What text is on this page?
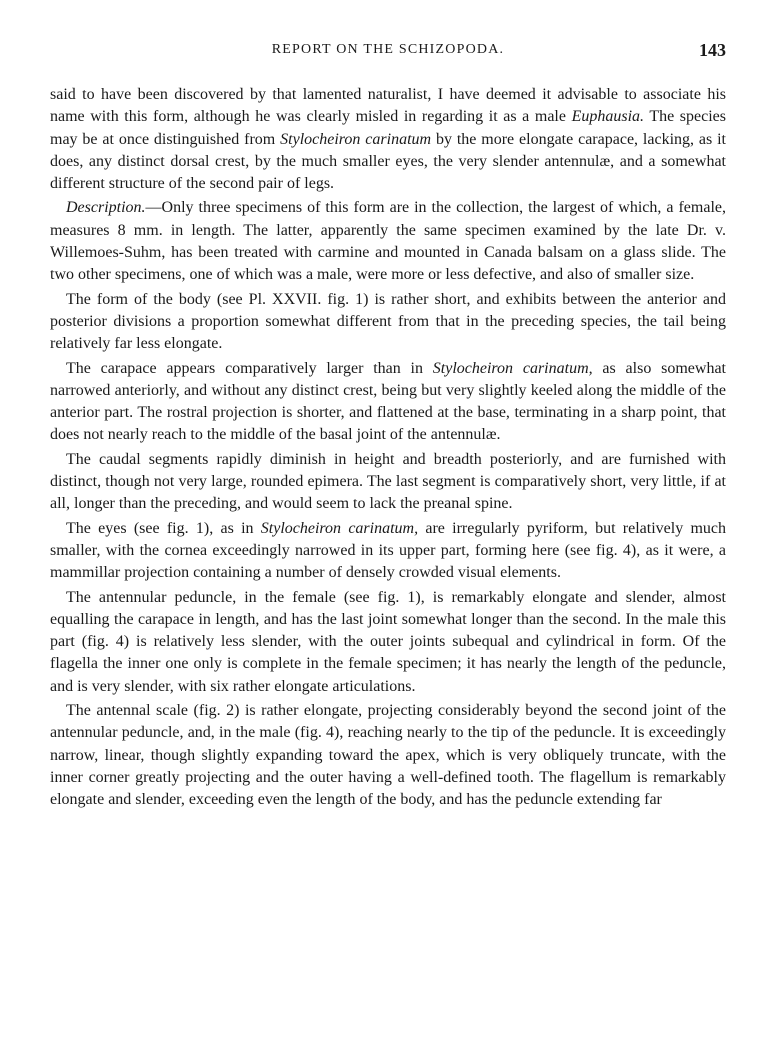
REPORT ON THE SCHIZOPODA.	143

said to have been discovered by that lamented naturalist, I have deemed it advisable to associate his name with this form, although he was clearly misled in regarding it as a male Euphausia. The species may be at once distinguished from Stylocheiron carinatum by the more elongate carapace, lacking, as it does, any distinct dorsal crest, by the much smaller eyes, the very slender antennulæ, and a somewhat different structure of the second pair of legs.

Description.—Only three specimens of this form are in the collection, the largest of which, a female, measures 8 mm. in length. The latter, apparently the same specimen examined by the late Dr. v. Willemoes-Suhm, has been treated with carmine and mounted in Canada balsam on a glass slide. The two other specimens, one of which was a male, were more or less defective, and also of smaller size.

The form of the body (see Pl. XXVII. fig. 1) is rather short, and exhibits between the anterior and posterior divisions a proportion somewhat different from that in the preceding species, the tail being relatively far less elongate.

The carapace appears comparatively larger than in Stylocheiron carinatum, as also somewhat narrowed anteriorly, and without any distinct crest, being but very slightly keeled along the middle of the anterior part. The rostral projection is shorter, and flattened at the base, terminating in a sharp point, that does not nearly reach to the middle of the basal joint of the antennulæ.

The caudal segments rapidly diminish in height and breadth posteriorly, and are furnished with distinct, though not very large, rounded epimera. The last segment is comparatively short, very little, if at all, longer than the preceding, and would seem to lack the preanal spine.

The eyes (see fig. 1), as in Stylocheiron carinatum, are irregularly pyriform, but relatively much smaller, with the cornea exceedingly narrowed in its upper part, forming here (see fig. 4), as it were, a mammillar projection containing a number of densely crowded visual elements.

The antennular peduncle, in the female (see fig. 1), is remarkably elongate and slender, almost equalling the carapace in length, and has the last joint somewhat longer than the second. In the male this part (fig. 4) is relatively less slender, with the outer joints subequal and cylindrical in form. Of the flagella the inner one only is complete in the female specimen; it has nearly the length of the peduncle, and is very slender, with six rather elongate articulations.

The antennal scale (fig. 2) is rather elongate, projecting considerably beyond the second joint of the antennular peduncle, and, in the male (fig. 4), reaching nearly to the tip of the peduncle. It is exceedingly narrow, linear, though slightly expanding toward the apex, which is very obliquely truncate, with the inner corner greatly projecting and the outer having a well-defined tooth. The flagellum is remarkably elongate and slender, exceeding even the length of the body, and has the peduncle extending far
